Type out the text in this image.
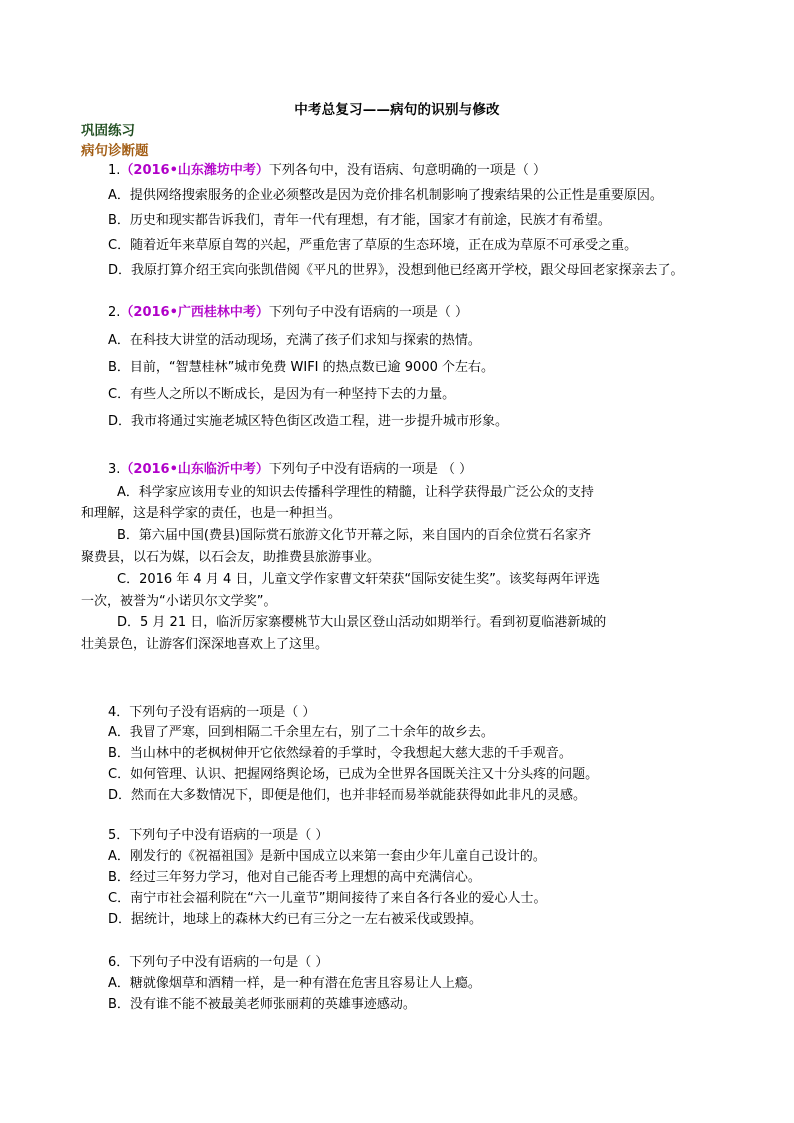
中考总复习——病句的识别与修改
巩固练习
病句诊断题
1.（2016•山东潍坊中考）下列各句中，没有语病、句意明确的一项是（ ）
A．提供网络搜索服务的企业必须整改是因为竞价排名机制影响了搜索结果的公正性是重要原因。
B．历史和现实都告诉我们，青年一代有理想，有才能，国家才有前途，民族才有希望。
C．随着近年来草原自驾的兴起，严重危害了草原的生态环境，正在成为草原不可承受之重。
D．我原打算介绍王宾向张凯借阅《平凡的世界》，没想到他已经离开学校，跟父母回老家探亲去了。
2.（2016•广西桂林中考）下列句子中没有语病的一项是（ ）
A．在科技大讲堂的活动现场，充满了孩子们求知与探索的热情。
B．目前，“智慧桂林”城市免费 WIFI 的热点数已逾 9000 个左右。
C．有些人之所以不断成长，是因为有一种坚持下去的力量。
D．我市将通过实施老城区特色街区改造工程，进一步提升城市形象。
3.（2016•山东临沂中考）下列句子中没有语病的一项是 （ ）
A．科学家应该用专业的知识去传播科学理性的精髓，让科学获得最广泛公众的支持
和理解，这是科学家的责任，也是一种担当。
B．第六届中国(费县)国际赏石旅游文化节开幕之际，来自国内的百余位赏石名家齐
聚费县，以石为媒，以石会友，助推费县旅游事业。
C．2016 年 4 月 4 日，儿童文学作家曹文轩荣获“国际安徒生奖”。该奖每两年评选
一次，被誉为“小诺贝尔文学奖”。
D．5 月 21 日，临沂厉家寨樱桃节大山景区登山活动如期举行。看到初夏临港新城的
壮美景色，让游客们深深地喜欢上了这里。
4．下列句子没有语病的一项是（ ）
A．我冒了严寒，回到相隔二千余里左右，别了二十余年的故乡去。
B．当山林中的老枫树伸开它依然绿着的手掌时，令我想起大慈大悲的千手观音。
C．如何管理、认识、把握网络舆论场，已成为全世界各国既关注又十分头疼的问题。
D．然而在大多数情况下，即便是他们，也并非轻而易举就能获得如此非凡的灵感。
5．下列句子中没有语病的一项是（ ）
A．刚发行的《祝福祖国》是新中国成立以来第一套由少年儿童自己设计的。
B．经过三年努力学习，他对自己能否考上理想的高中充满信心。
C．南宁市社会福利院在“六一儿童节”期间接待了来自各行各业的爱心人士。
D．据统计，地球上的森林大约已有三分之一左右被采伐或毁掉。
6．下列句子中没有语病的一句是（ ）
A．糖就像烟草和酒精一样，是一种有潜在危害且容易让人上瘾。
B．没有谁不能不被最美老师张丽莉的英雄事迹感动。
